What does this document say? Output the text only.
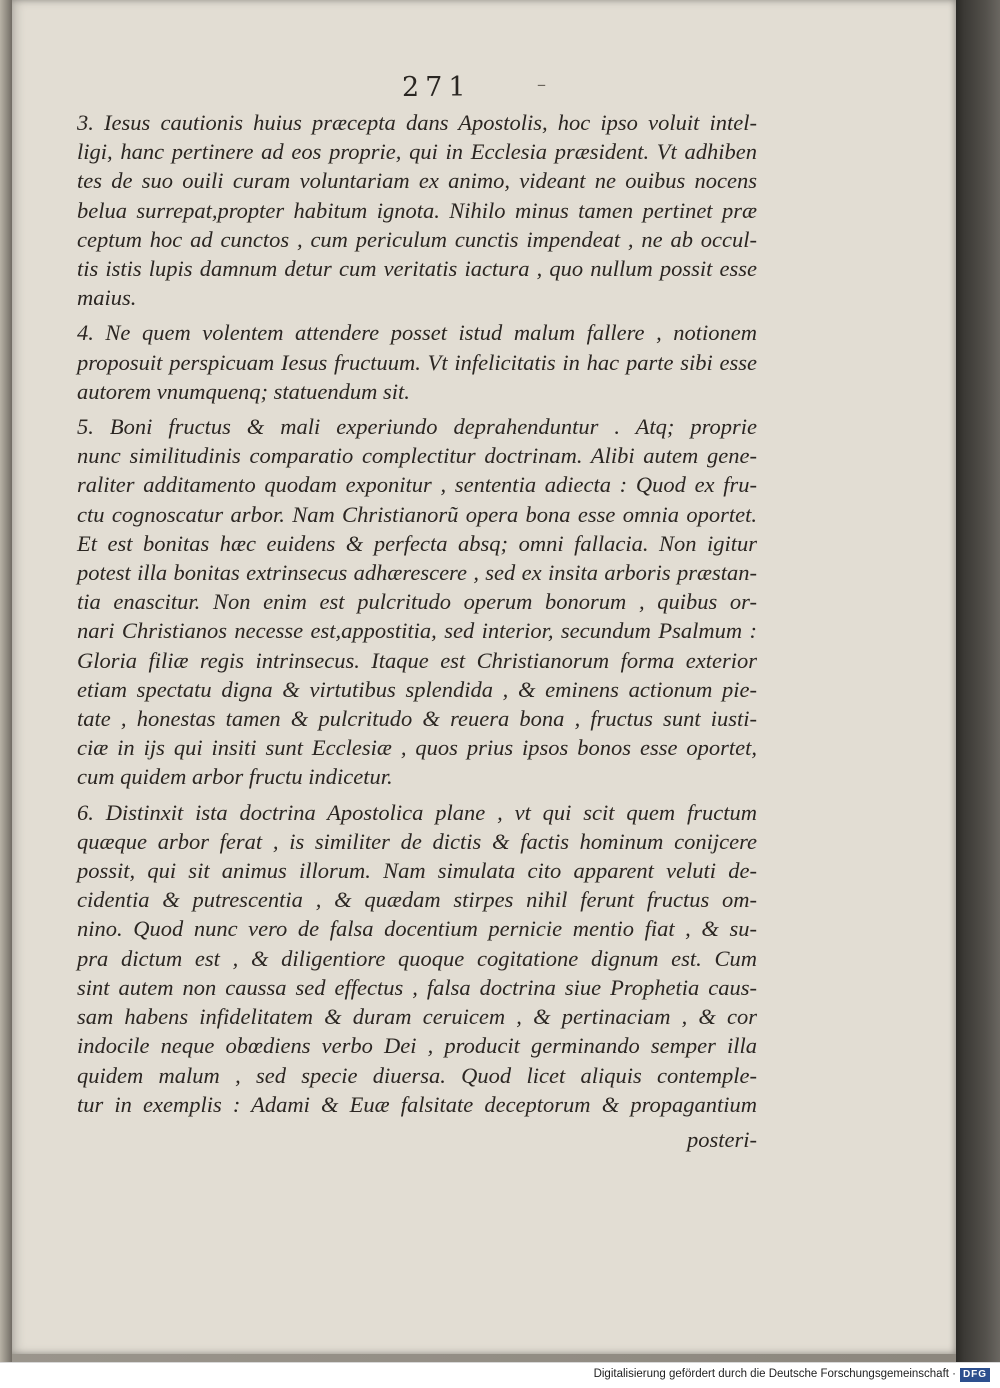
271	–
3. Iesus cautionis huius præcepta dans Apostolis, hoc ipso voluit intel-
ligi, hanc pertinere ad eos proprie, qui in Ecclesia præsident. Vt adhiben
tes de suo ouili curam voluntariam ex animo, videant ne ouibus nocens
belua surrepat,propter habitum ignota. Nihilo minus tamen pertinet præ
ceptum hoc ad cunctos , cum periculum cunctis impendeat , ne ab occul-
tis istis lupis damnum detur cum veritatis iactura , quo nullum possit esse
maius.
4. Ne quem volentem attendere posset istud malum fallere , notionem
proposuit perspicuam Iesus fructuum. Vt infelicitatis in hac parte sibi esse
autorem vnumquenq; statuendum sit.
5. Boni fructus & mali experiundo deprahenduntur . Atq; proprie
nunc similitudinis comparatio complectitur doctrinam. Alibi autem gene-
raliter additamento quodam exponitur , sententia adiecta : Quod ex fru-
ctu cognoscatur arbor. Nam Christianorũ opera bona esse omnia oportet.
Et est bonitas hæc euidens & perfecta absq; omni fallacia. Non igitur
potest illa bonitas extrinsecus adhærescere , sed ex insita arboris præstan-
tia enascitur. Non enim est pulcritudo operum bonorum , quibus or-
nari Christianos necesse est,appostitia, sed interior, secundum Psalmum :
Gloria filiæ regis intrinsecus. Itaque est Christianorum forma exterior
etiam spectatu digna & virtutibus splendida , & eminens actionum pie-
tate , honestas tamen & pulcritudo & reuera bona , fructus sunt iusti-
ciæ in ijs qui insiti sunt Ecclesiæ , quos prius ipsos bonos esse oportet,
cum quidem arbor fructu indicetur.
6. Distinxit ista doctrina Apostolica plane , vt qui scit quem fructum
quæque arbor ferat , is similiter de dictis & factis hominum conijcere
possit, qui sit animus illorum. Nam simulata cito apparent veluti de-
cidentia & putrescentia , & quædam stirpes nihil ferunt fructus om-
nino. Quod nunc vero de falsa docentium pernicie mentio fiat , & su-
pra dictum est , & diligentiore quoque cogitatione dignum est. Cum
sint autem non caussa sed effectus , falsa doctrina siue Prophetia caus-
sam habens infidelitatem & duram ceruicem , & pertinaciam , & cor
indocile neque obœdiens verbo Dei , producit germinando semper illa
quidem malum , sed specie diuersa. Quod licet aliquis contemple-
tur in exemplis : Adami & Euæ falsitate deceptorum & propagantium
posteri-
Digitalisierung gefördert durch die Deutsche Forschungsgemeinschaft · DFG
